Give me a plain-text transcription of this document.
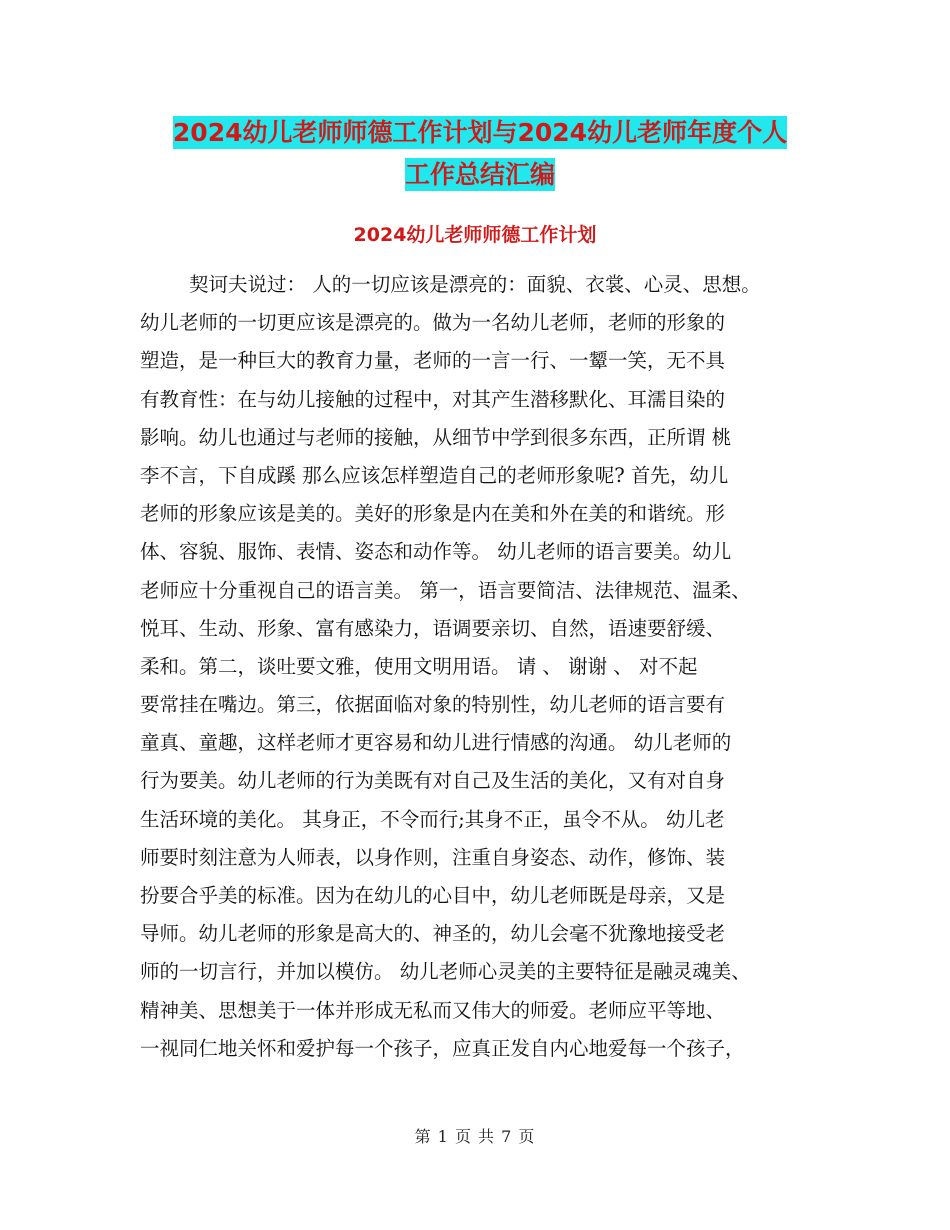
2024幼儿老师师德工作计划与2024幼儿老师年度个人
工作总结汇编
2024幼儿老师师德工作计划
契诃夫说过： 人的一切应该是漂亮的：面貌、衣裳、心灵、思想。
幼儿老师的一切更应该是漂亮的。做为一名幼儿老师，老师的形象的
塑造，是一种巨大的教育力量，老师的一言一行、一颦一笑，无不具
有教育性：在与幼儿接触的过程中，对其产生潜移默化、耳濡目染的
影响。幼儿也通过与老师的接触，从细节中学到很多东西，正所谓 桃
李不言，下自成蹊 那么应该怎样塑造自己的老师形象呢? 首先，幼儿
老师的形象应该是美的。美好的形象是内在美和外在美的和谐统。形
体、容貌、服饰、表情、姿态和动作等。 幼儿老师的语言要美。幼儿
老师应十分重视自己的语言美。 第一，语言要简洁、法律规范、温柔、
悦耳、生动、形象、富有感染力，语调要亲切、自然，语速要舒缓、
柔和。第二，谈吐要文雅，使用文明用语。 请 、 谢谢 、 对不起
要常挂在嘴边。第三，依据面临对象的特别性，幼儿老师的语言要有
童真、童趣，这样老师才更容易和幼儿进行情感的沟通。 幼儿老师的
行为要美。幼儿老师的行为美既有对自己及生活的美化，又有对自身
生活环境的美化。 其身正，不令而行;其身不正，虽令不从。 幼儿老
师要时刻注意为人师表，以身作则，注重自身姿态、动作，修饰、装
扮要合乎美的标准。因为在幼儿的心目中，幼儿老师既是母亲，又是
导师。幼儿老师的形象是高大的、神圣的，幼儿会毫不犹豫地接受老
师的一切言行，并加以模仿。 幼儿老师心灵美的主要特征是融灵魂美、
精神美、思想美于一体并形成无私而又伟大的师爱。老师应平等地、
一视同仁地关怀和爱护每一个孩子，应真正发自内心地爱每一个孩子，
第 1 页 共 7 页
